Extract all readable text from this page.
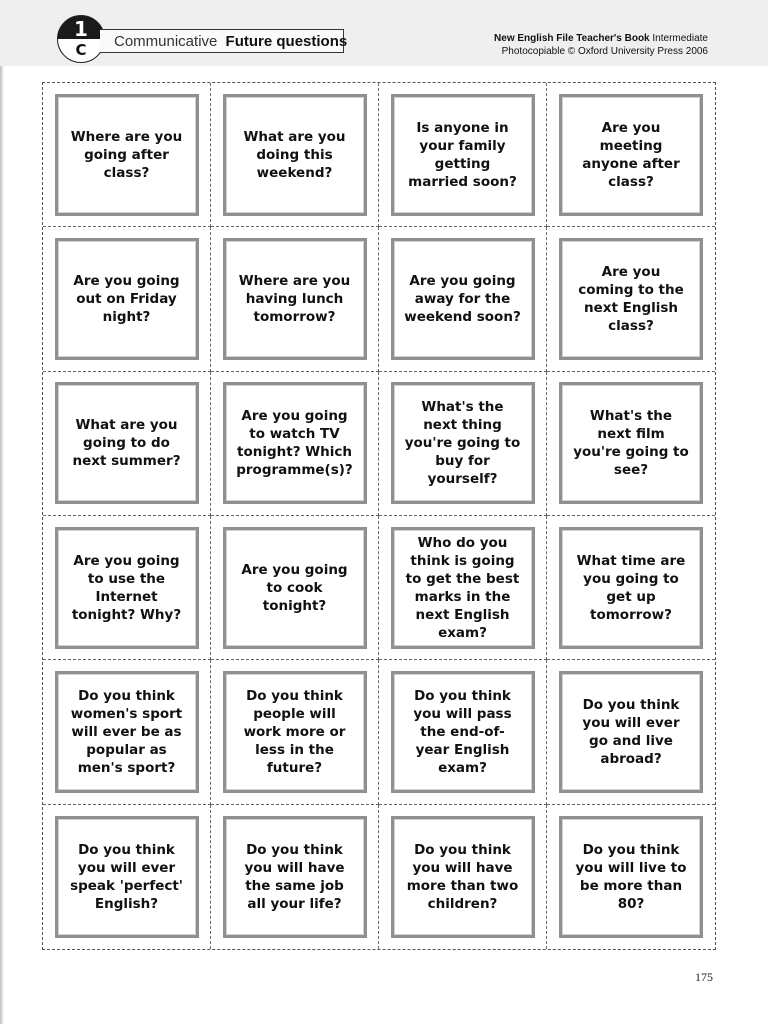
1
C	Communicative Future questions	New English File Teacher's Book Intermediate
Photocopiable © Oxford University Press 2006
Where are you
going after
class?
What are you
doing this
weekend?
Is anyone in
your family
getting
married soon?
Are you
meeting
anyone after
class?
Are you going
out on Friday
night?
Where are you
having lunch
tomorrow?
Are you going
away for the
weekend soon?
Are you
coming to the
next English
class?
What are you
going to do
next summer?
Are you going
to watch TV
tonight? Which
programme(s)?
What's the
next thing
you're going to
buy for
yourself?
What's the
next film
you're going to
see?
Are you going
to use the
Internet
tonight? Why?
Are you going
to cook
tonight?
Who do you
think is going
to get the best
marks in the
next English
exam?
What time are
you going to
get up
tomorrow?
Do you think
women's sport
will ever be as
popular as
men's sport?
Do you think
people will
work more or
less in the
future?
Do you think
you will pass
the end-of-
year English
exam?
Do you think
you will ever
go and live
abroad?
Do you think
you will ever
speak 'perfect'
English?
Do you think
you will have
the same job
all your life?
Do you think
you will have
more than two
children?
Do you think
you will live to
be more than
80?
175
